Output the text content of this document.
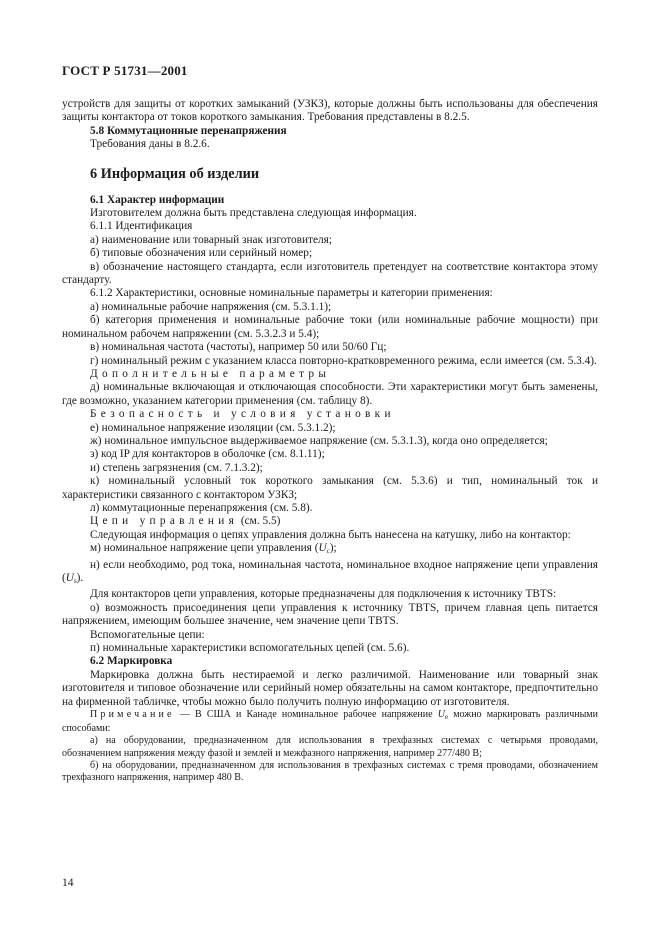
ГОСТ Р 51731—2001

устройств для защиты от коротких замыканий (УЗКЗ), которые должны быть использованы для обеспечения защиты контактора от токов короткого замыкания. Требования представлены в 8.2.5.

5.8 Коммутационные перенапряжения

Требования даны в 8.2.6.

6 Информация об изделии

6.1 Характер информации

Изготовителем должна быть представлена следующая информация.

6.1.1 Идентификация

а) наименование или товарный знак изготовителя;

б) типовые обозначения или серийный номер;

в) обозначение настоящего стандарта, если изготовитель претендует на соответствие контактора этому стандарту.

6.1.2 Характеристики, основные номинальные параметры и категории применения:

а) номинальные рабочие напряжения (см. 5.3.1.1);

б) категория применения и номинальные рабочие токи (или номинальные рабочие мощности) при номинальном рабочем напряжении (см. 5.3.2.3 и 5.4);

в) номинальная частота (частоты), например 50 или 50/60 Гц;

г) номинальный режим с указанием класса повторно-кратковременного режима, если имеется (см. 5.3.4).

Дополнительные параметры

д) номинальные включающая и отключающая способности. Эти характеристики могут быть заменены, где возможно, указанием категории применения (см. таблицу 8).

Безопасность и условия установки

е) номинальное напряжение изоляции (см. 5.3.1.2);

ж) номинальное импульсное выдерживаемое напряжение (см. 5.3.1.3), когда оно определяется;

з) код IP для контакторов в оболочке (см. 8.1.11);

и) степень загрязнения (см. 7.1.3.2);

к) номинальный условный ток короткого замыкания (см. 5.3.6) и тип, номинальный ток и характеристики связанного с контактором УЗКЗ;

л) коммутационные перенапряжения (см. 5.8).

Цепи управления (см. 5.5)

Следующая информация о цепях управления должна быть нанесена на катушку, либо на контактор:

м) номинальное напряжение цепи управления $(U_c)$;

н) если необходимо, род тока, номинальная частота, номинальное входное напряжение цепи управления $(U_s)$.

Для контакторов цепи управления, которые предназначены для подключения к источнику TBTS:

о) возможность присоединения цепи управления к источнику TBTS, причем главная цепь питается напряжением, имеющим большее значение, чем значение цепи TBTS.

Вспомогательные цепи:

п) номинальные характеристики вспомогательных цепей (см. 5.6).

6.2 Маркировка

Маркировка должна быть нестираемой и легко различимой. Наименование или товарный знак изготовителя и типовое обозначение или серийный номер обязательны на самом контакторе, предпочтительно на фирменной табличке, чтобы можно было получить полную информацию от изготовителя.

Примечание — В США и Канаде номинальное рабочее напряжение $U_e$ можно маркировать различными способами:

а) на оборудовании, предназначенном для использования в трехфазных системах с четырьмя проводами, обозначением напряжения между фазой и землей и межфазного напряжения, например 277/480 В;

б) на оборудовании, предназначенном для использования в трехфазных системах с тремя проводами, обозначением трехфазного напряжения, например 480 В.

14
